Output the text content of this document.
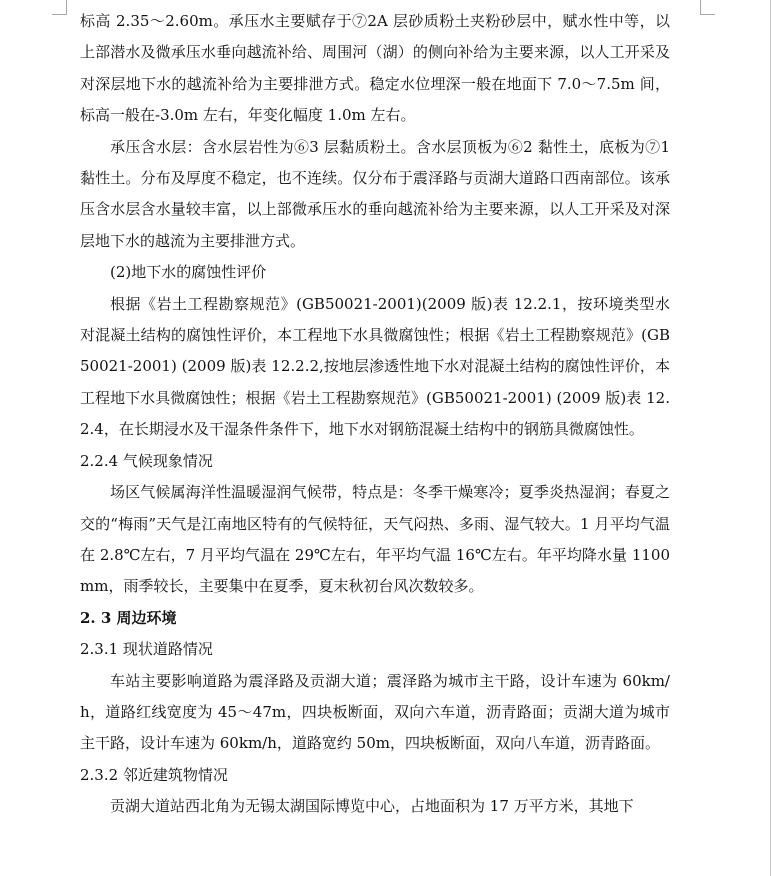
标高 2.35～2.60m。承压水主要赋存于⑦2A 层砂质粉土夹粉砂层中，赋水性中等，以上部潜水及微承压水垂向越流补给、周围河（湖）的侧向补给为主要来源，以人工开采及对深层地下水的越流补给为主要排泄方式。稳定水位埋深一般在地面下 7.0～7.5m 间，标高一般在-3.0m 左右，年变化幅度 1.0m 左右。

承压含水层：含水层岩性为⑥3 层黏质粉土。含水层顶板为⑥2 黏性土，底板为⑦1 黏性土。分布及厚度不稳定，也不连续。仅分布于震泽路与贡湖大道路口西南部位。该承压含水层含水量较丰富，以上部微承压水的垂向越流补给为主要来源，以人工开采及对深层地下水的越流为主要排泄方式。

(2)地下水的腐蚀性评价

根据《岩土工程勘察规范》(GB50021-2001)(2009 版)表 12.2.1，按环境类型水对混凝土结构的腐蚀性评价，本工程地下水具微腐蚀性；根据《岩土工程勘察规范》(GB50021-2001) (2009 版)表 12.2.2,按地层渗透性地下水对混凝土结构的腐蚀性评价，本工程地下水具微腐蚀性；根据《岩土工程勘察规范》(GB50021-2001) (2009 版)表 12.2.4，在长期浸水及干湿条件条件下，地下水对钢筋混凝土结构中的钢筋具微腐蚀性。

2.2.4 气候现象情况

场区气候属海洋性温暖湿润气候带，特点是：冬季干燥寒冷；夏季炎热湿润；春夏之交的“梅雨”天气是江南地区特有的气候特征，天气闷热、多雨、湿气较大。1 月平均气温在 2.8℃左右，7 月平均气温在 29℃左右，年平均气温 16℃左右。年平均降水量 1100mm，雨季较长，主要集中在夏季，夏末秋初台风次数较多。

2. 3 周边环境

2.3.1 现状道路情况

车站主要影响道路为震泽路及贡湖大道；震泽路为城市主干路，设计车速为 60km/h，道路红线宽度为 45～47m，四块板断面，双向六车道，沥青路面；贡湖大道为城市主干路，设计车速为 60km/h，道路宽约 50m，四块板断面，双向八车道，沥青路面。

2.3.2 邻近建筑物情况

贡湖大道站西北角为无锡太湖国际博览中心，占地面积为 17 万平方米，其地下
